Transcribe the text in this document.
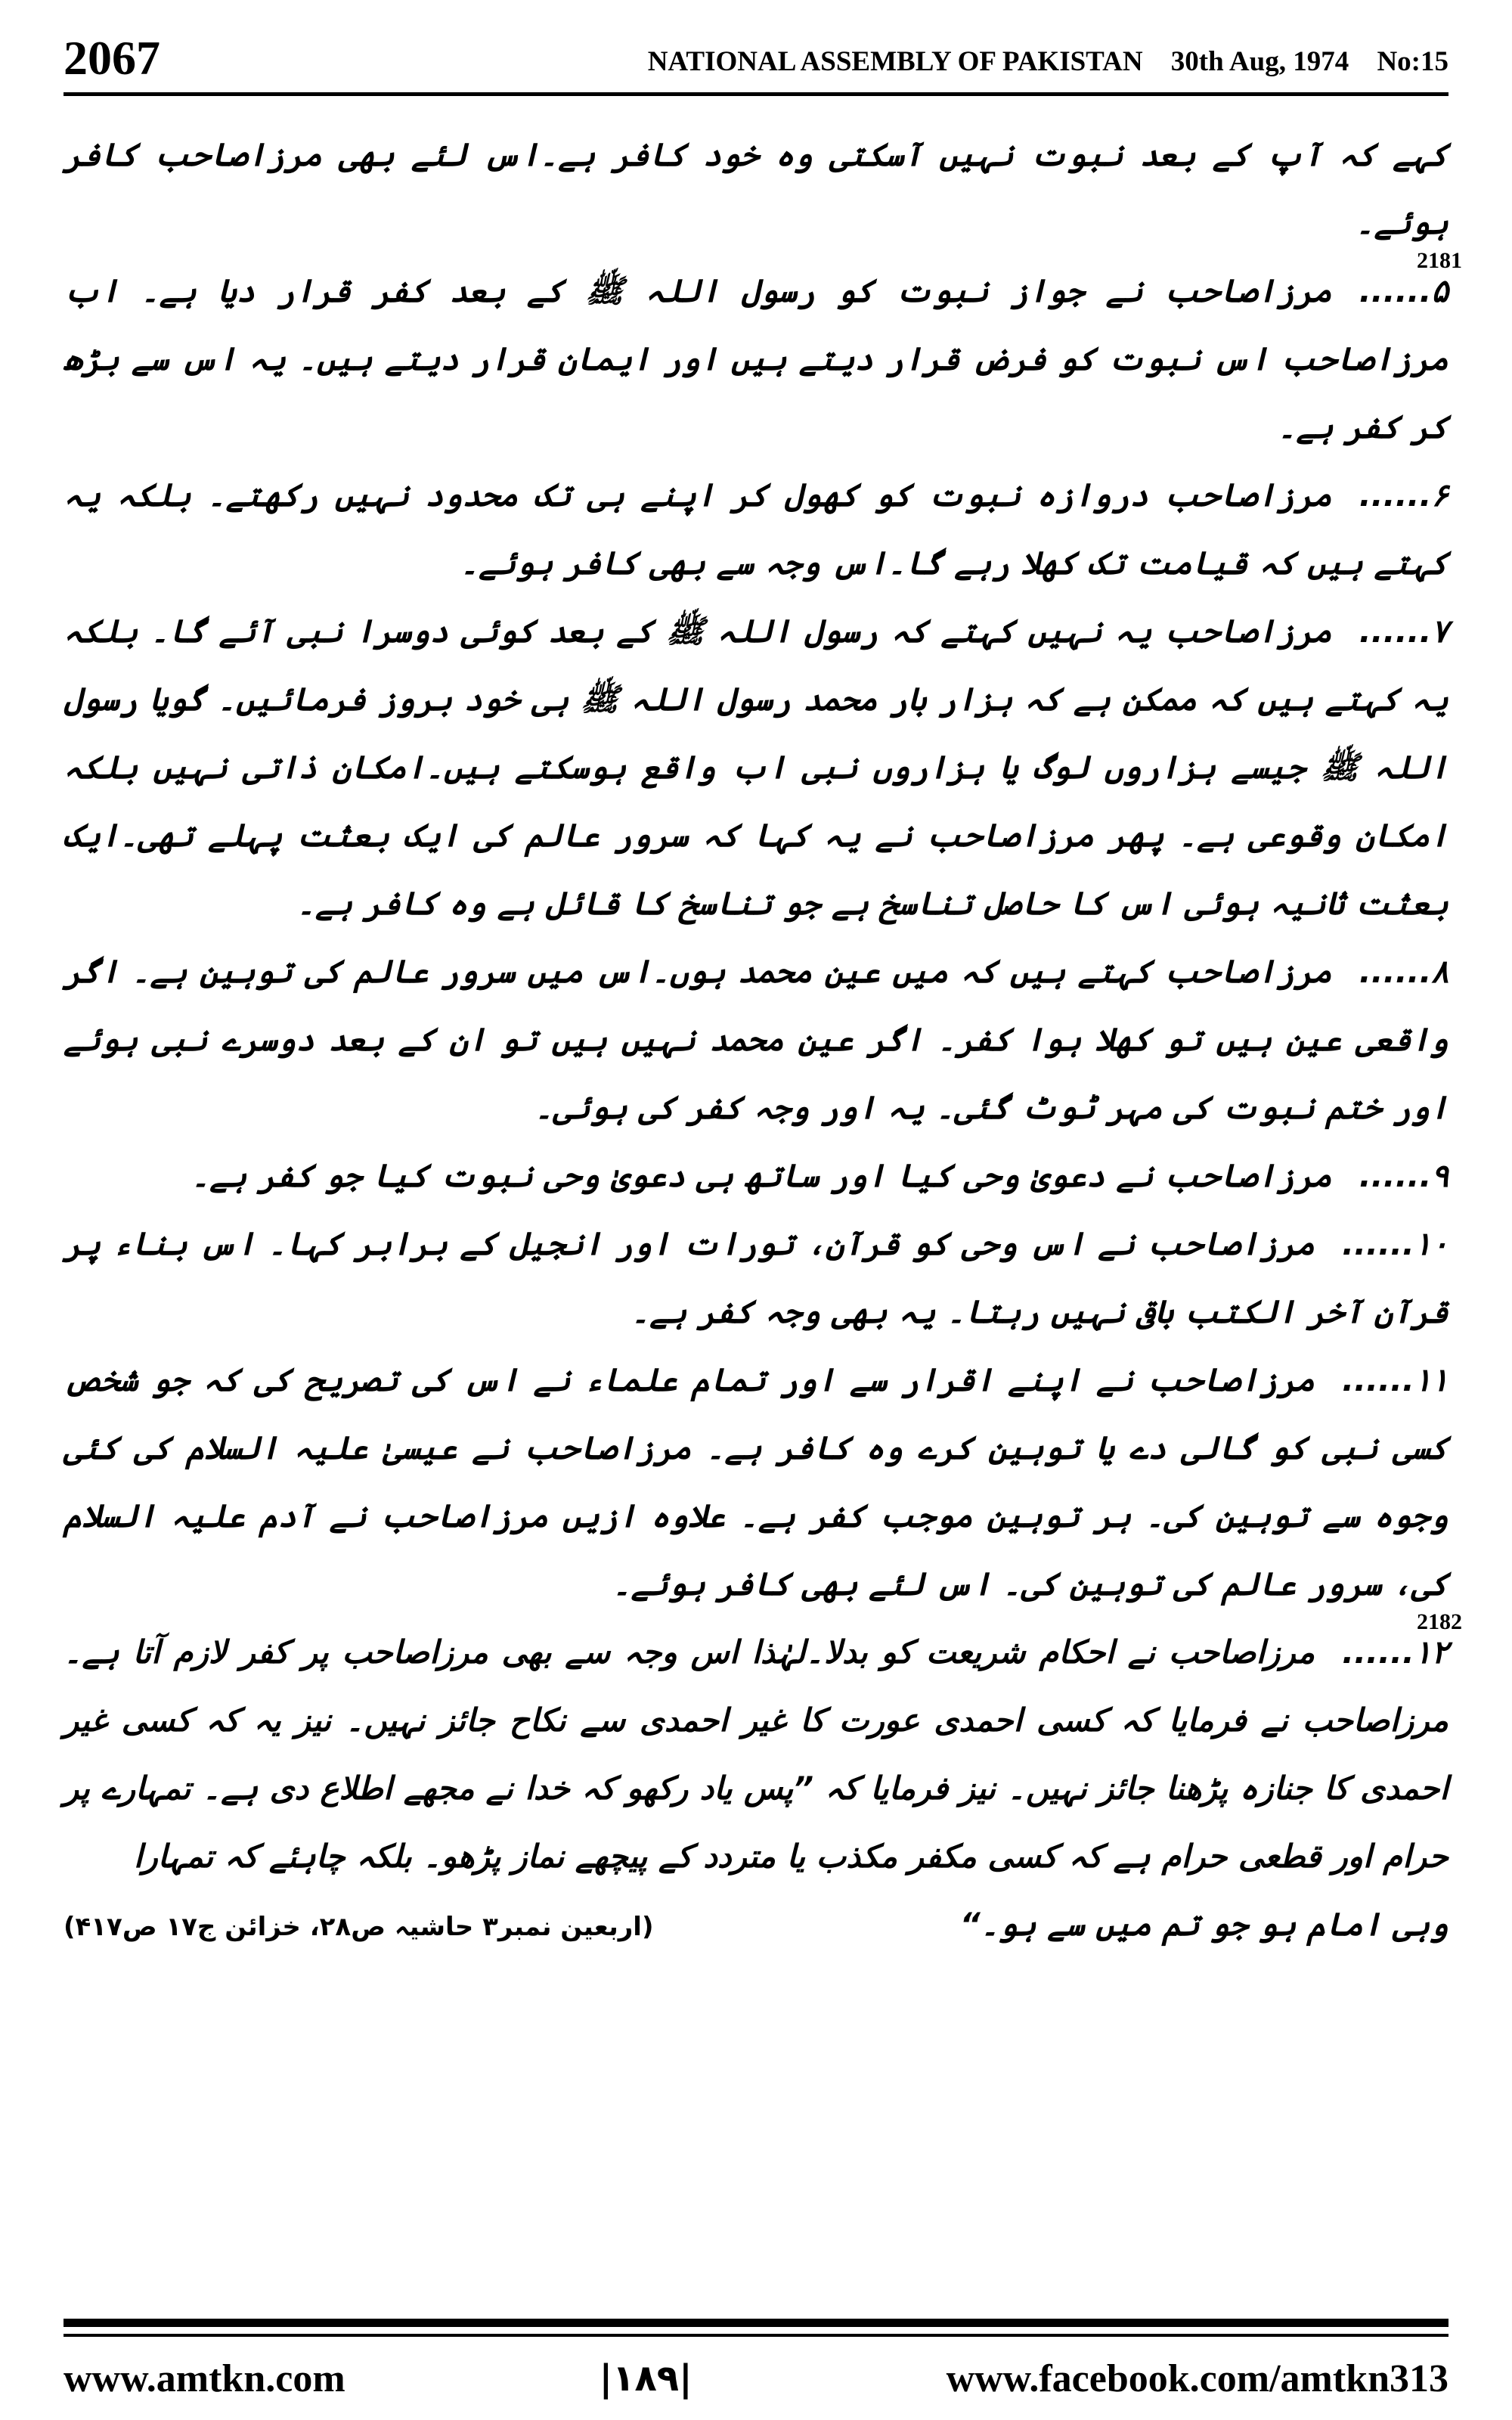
2067	NATIONAL ASSEMBLY OF PAKISTAN 30th Aug, 1974 No:15

کہے کہ آپ کے بعد نبوت نہیں آسکتی وہ خود کافر ہے۔اس لئے بھی مرزاصاحب کافر ہوئے۔

2181
۵......مرزاصاحب نے جواز نبوت کو رسول اللہ ﷺ کے بعد کفر قرار دیا ہے۔ اب مرزاصاحب اس نبوت کو فرض قرار دیتے ہیں اور ایمان قرار دیتے ہیں۔ یہ اس سے بڑھ کر کفر ہے۔

۶......مرزاصاحب دروازہ نبوت کو کھول کر اپنے ہی تک محدود نہیں رکھتے۔ بلکہ یہ کہتے ہیں کہ قیامت تک کھلا رہے گا۔اس وجہ سے بھی کافر ہوئے۔

۷......مرزاصاحب یہ نہیں کہتے کہ رسول اللہ ﷺ کے بعد کوئی دوسرا نبی آئے گا۔ بلکہ یہ کہتے ہیں کہ ممکن ہے کہ ہزار بار محمد رسول اللہ ﷺ ہی خود بروز فرمائیں۔ گویا رسول اللہ ﷺ جیسے ہزاروں لوگ یا ہزاروں نبی اب واقع ہوسکتے ہیں۔امکان ذاتی نہیں بلکہ امکان وقوعی ہے۔ پھر مرزاصاحب نے یہ کہا کہ سرور عالم کی ایک بعثت پہلے تھی۔ایک بعثت ثانیہ ہوئی اس کا حاصل تناسخ ہے جو تناسخ کا قائل ہے وہ کافر ہے۔

۸......مرزاصاحب کہتے ہیں کہ میں عین محمد ہوں۔اس میں سرور عالم کی توہین ہے۔ اگر واقعی عین ہیں تو کھلا ہوا کفر۔ اگر عین محمد نہیں ہیں تو ان کے بعد دوسرے نبی ہوئے اور ختم نبوت کی مہر ٹوٹ گئی۔ یہ اور وجہ کفر کی ہوئی۔

۹......مرزاصاحب نے دعویٰ وحی کیا اور ساتھ ہی دعویٰ وحی نبوت کیا جو کفر ہے۔

۱۰......مرزاصاحب نے اس وحی کو قرآن، تورات اور انجیل کے برابر کہا۔ اس بناء پر قرآن آخر الکتب باقی نہیں رہتا۔ یہ بھی وجہ کفر ہے۔

۱۱......مرزاصاحب نے اپنے اقرار سے اور تمام علماء نے اس کی تصریح کی کہ جو شخص کسی نبی کو گالی دے یا توہین کرے وہ کافر ہے۔ مرزاصاحب نے عیسیٰ علیہ السلام کی کئی وجوہ سے توہین کی۔ ہر توہین موجب کفر ہے۔ علاوہ ازیں مرزاصاحب نے آدم علیہ السلام کی، سرور عالم کی توہین کی۔ اس لئے بھی کافر ہوئے۔

2182
۱۲......مرزاصاحب نے احکام شریعت کو بدلا۔لہٰذا اس وجہ سے بھی مرزاصاحب پر کفر لازم آتا ہے۔ مرزاصاحب نے فرمایا کہ کسی احمدی عورت کا غیر احمدی سے نکاح جائز نہیں۔ نیز یہ کہ کسی غیر احمدی کا جنازہ پڑھنا جائز نہیں۔ نیز فرمایا کہ ”پس یاد رکھو کہ خدا نے مجھے اطلاع دی ہے۔ تمہارے پر حرام اور قطعی حرام ہے کہ کسی مکفر مکذب یا متردد کے پیچھے نماز پڑھو۔ بلکہ چاہئے کہ تمہارا

وہی امام ہو جو تم میں سے ہو۔“
(اربعین نمبر۳ حاشیہ ص۲۸، خزائن ج۱۷ ص۴۱۷)
www.amtkn.com	|۱۸۹|	www.facebook.com/amtkn313
